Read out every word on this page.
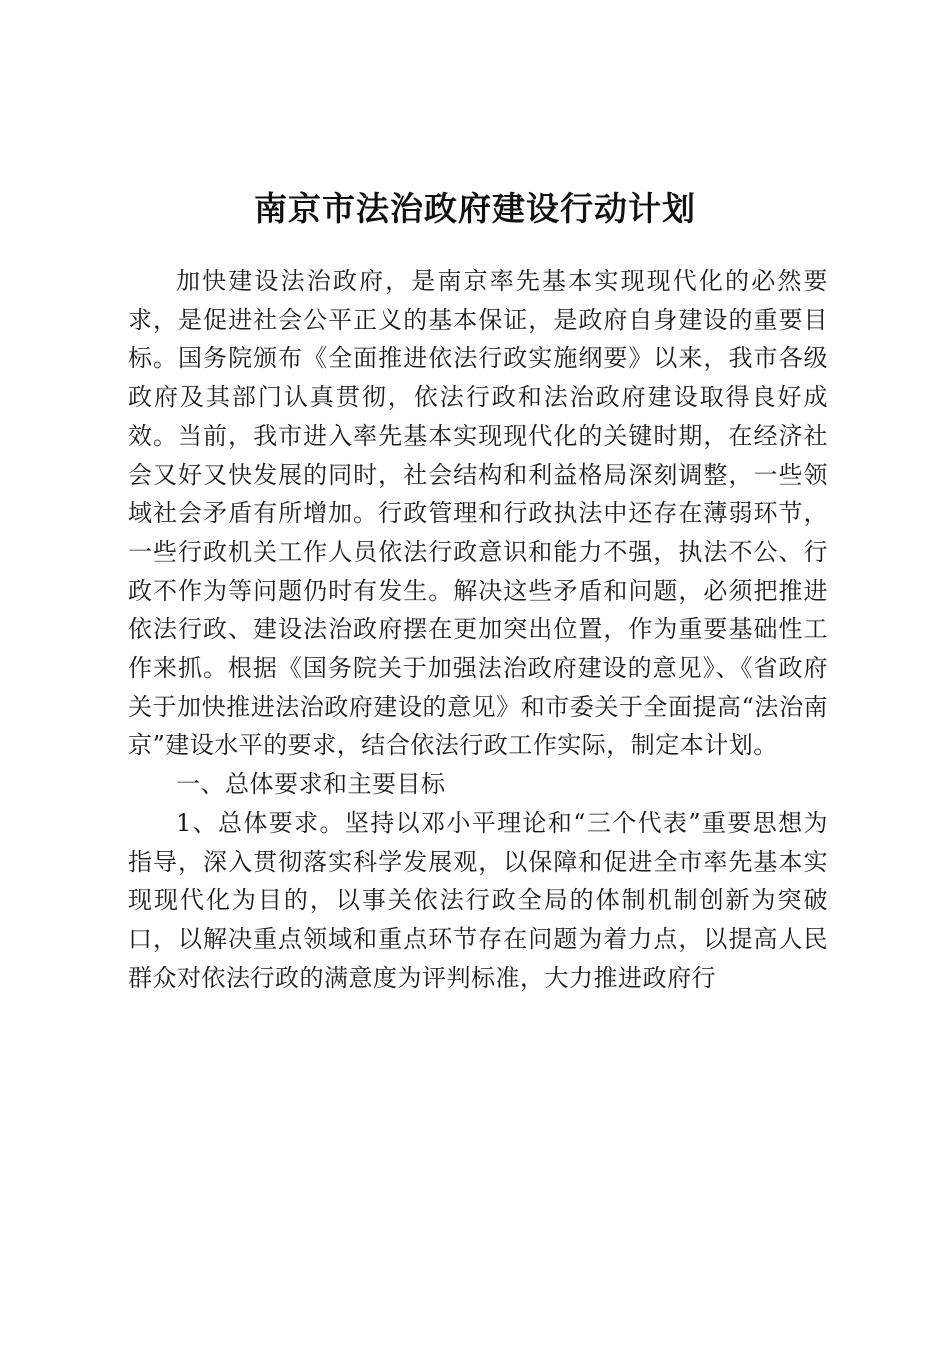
南京市法治政府建设行动计划

加快建设法治政府，是南京率先基本实现现代化的必然要求，是促进社会公平正义的基本保证，是政府自身建设的重要目标。国务院颁布《全面推进依法行政实施纲要》以来，我市各级政府及其部门认真贯彻，依法行政和法治政府建设取得良好成效。当前，我市进入率先基本实现现代化的关键时期，在经济社会又好又快发展的同时，社会结构和利益格局深刻调整，一些领域社会矛盾有所增加。行政管理和行政执法中还存在薄弱环节，一些行政机关工作人员依法行政意识和能力不强，执法不公、行政不作为等问题仍时有发生。解决这些矛盾和问题，必须把推进依法行政、建设法治政府摆在更加突出位置，作为重要基础性工作来抓。根据《国务院关于加强法治政府建设的意见》、《省政府关于加快推进法治政府建设的意见》和市委关于全面提高“法治南京”建设水平的要求，结合依法行政工作实际，制定本计划。

一、总体要求和主要目标

1、总体要求。坚持以邓小平理论和“三个代表”重要思想为指导，深入贯彻落实科学发展观，以保障和促进全市率先基本实现现代化为目的，以事关依法行政全局的体制机制创新为突破口，以解决重点领域和重点环节存在问题为着力点，以提高人民群众对依法行政的满意度为评判标准，大力推进政府行
